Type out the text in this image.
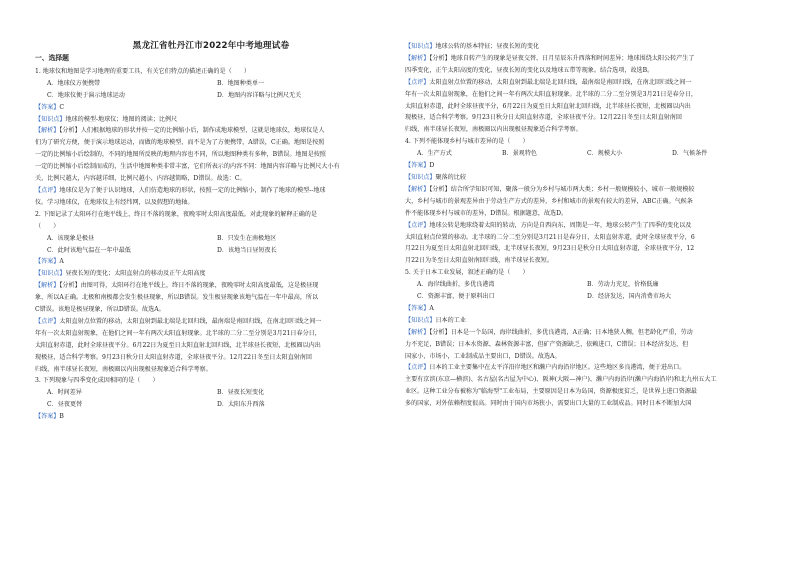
黑龙江省牡丹江市2022年中考地理试卷
一、选择题

1. 地球仪和地图是学习地理的重要工具，有关它们特点的描述正确的是（　　）

A．地球仪方便携带	B．地图种类单一
C．地球仪便于演示地球运动	D．地图内容详略与比例尺无关

【答案】C

【知识点】地球的模型-地球仪；地图的阅读；比例尺

【解析】【分析】人们根据地球的形状并按一定的比例缩小后，制作成地球模型，这就是地球仪，地球仪是人

们为了研究方便，便于演示地球运动，而做的地球模型，而不是为了方便携带，A错误，C正确。地图是按照

一定的比例缩小后绘制的，不同的地图所反映的地理内容也不同，所以地图种类有多种，B错误。地图是按照

一定的比例缩小后绘制而成的，生活中地图种类非常丰富，它们所表示的内容不同：地图内容详略与比例尺大小有

关，比例尺越大，内容越详细，比例尺越小，内容越简略，D错误。故选：C。

【点评】地球仪是为了便于认识地球，人们仿造地球的形状，按照一定的比例缩小，制作了地球的模型--地球

仪。学习地球仪，在地球仪上有经纬网，以及假想的地轴。

2. 下图记录了太阳环行在地平线上，终日不落的现象，夜晚零时太阳高度最低。对此现象的解释正确的是

（　　）

A．该现象是极昼	B．只发生在南极地区
C．此时该地气温在一年中最低	D．该地当日昼短夜长

【答案】A

【知识点】昼夜长短的变化；太阳直射点的移动及正午太阳高度

【解析】【分析】由图可得，太阳环行在地平线上，终日不落的现象，夜晚零时太阳高度最低，这是极昼现

象，所以A正确。北极和南极都会发生极昼现象，所以B错误。发生极昼现象该地气温在一年中最高，所以

C错误。该地是极昼现象，所以D错误。故选A。

【点评】太阳直射点位置的移动，太阳直射到最北端是北回归线，最南端是南回归线，在南北回归线之间一

年有一次太阳直射现象，在他们之间一年有两次太阳直射现象。北半球的二分二至分别是3月21日春分日，

太阳直射赤道，此时全球昼夜平分。6月22日为夏至日太阳直射北回归线，北半球昼长夜短，北极圈以内出

现极昼，适合科学考察。9月23日秋分日太阳直射赤道，全球昼夜平分。12月22日冬至日太阳直射南回

归线，南半球昼长夜短，南极圈以内出现极昼现象适合科学考察。

3. 下列现象与四季变化成因相同的是（　　）

A．时间差异	B．昼夜长短变化
C．昼夜更替	D．太阳东升西落

【答案】B

【知识点】地球公转的基本特征；昼夜长短的变化

【解析】【分析】地球自转产生的现象是昼夜交替、日月星辰东升西落和时间差异；地球围绕太阳公转产生了

四季变化，正午太阳高度的变化、昼夜长短的变化以及地球五带等现象。结合选项，故选B。

【点评】太阳直射点位置的移动，太阳直射到最北端是北回归线，最南端是南回归线，在南北回归线之间一

年有一次太阳直射现象，在他们之间一年有两次太阳直射现象。北半球的二分二至分别是3月21日是春分日，

太阳直射赤道，此时全球昼夜平分，6月22日为夏至日太阳直射北回归线，北半球昼长夜短，北极圈以内出

现极昼，适合科学考察。9月23日秋分日太阳直射赤道，全球昼夜平分。12月22日冬至日太阳直射南回

归线，南半球昼长夜短，南极圈以内出现极昼现象适合科学考察。

4. 下列不能体现乡村与城市差异的是（　　）

A．生产方式	B．景观特色	C．规模大小	D．气候条件

【答案】D

【知识点】聚落的比较

【解析】【分析】结合所学知识可知，聚落一般分为乡村与城市两大类；乡村一般规模较小，城市一般规模较

大，乡村与城市的景观差异由于劳动生产方式的差异，乡村和城市的景观有较大的差异，ABC正确。气候条

件不能体现乡村与城市的差异，D错误。根据题意，故选D。

【点评】地球公转是地球绕着太阳的转动，方向是自西向东，周期是一年，地球公转产生了四季的变化以及

太阳直射点位置的移动。北半球的二分二至分别是3月21日是春分日，太阳直射赤道，此时全球昼夜平分，6

月22日为夏至日太阳直射北回归线，北半球昼长夜短，9月23日是秋分日太阳直射赤道，全球昼夜平分，12

月22日为冬至日太阳直射南回归线，南半球昼长夜短。

5. 关于日本工业发展，叙述正确的是（　　）

A．海岸线曲折，多优良港湾	B．劳动力充足，价格低廉
C．资源丰富，便于原料出口	D．经济发达，国内消费市场大

【答案】A

【知识点】日本的工业

【解析】【分析】日本是一个岛国，海岸线曲折，多优良港湾，A正确；日本地狭人稠，但老龄化严重，劳动

力不充足，B错误；日本水资源、森林资源丰富，但矿产资源缺乏，依赖进口，C错误；日本经济发达，但

国家小，市场小，工业制成品主要出口，D错误。故选A。

【点评】日本的工业主要集中在太平洋沿岸地区和濑户内海沿岸地区。这些地区多良港湾，便于进出口。

主要有京滨(东京—横滨)、名古屋(名古屋为中心)、阪神(大阪—神户)、濑户内海沿岸(濑户内海沿岸)和北九州五大工

业区。这种工业分布被称为"临海型"工业布局，主要原因是日本为岛国，资源极度贫乏，是世界上进口资源最

多的国家，对外依赖程度很高。同时由于国内市场狭小，需要出口大量的工业制成品。同时日本不断加大国
